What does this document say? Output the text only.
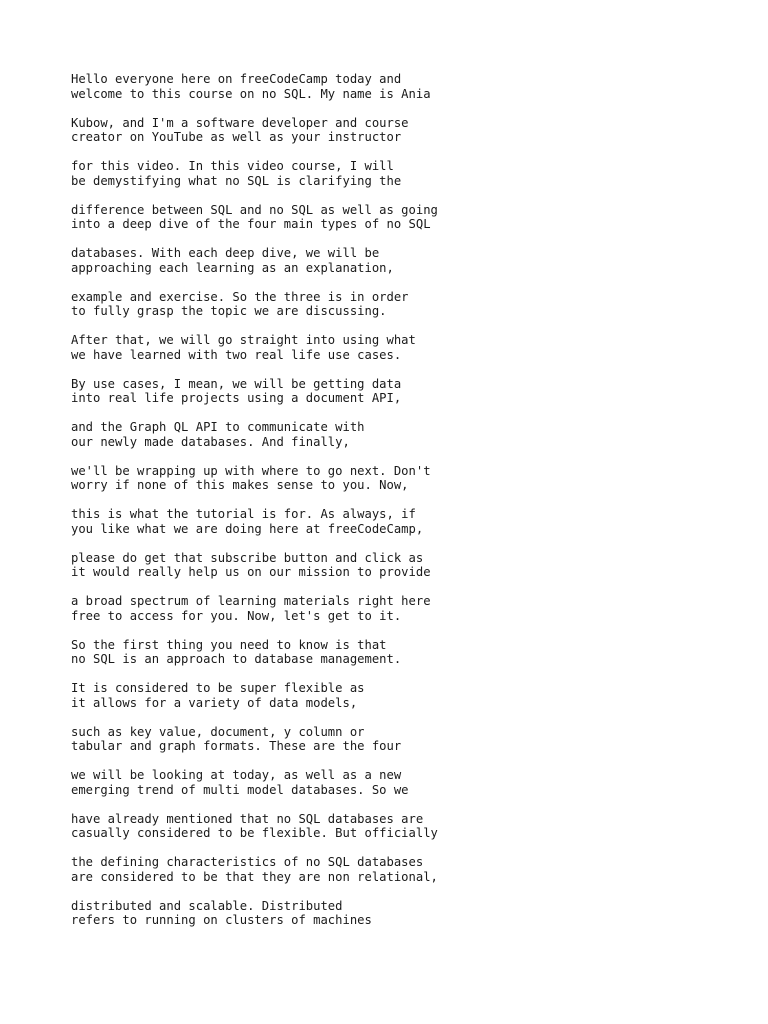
Hello everyone here on freeCodeCamp today and
welcome to this course on no SQL. My name is Ania
Kubow, and I'm a software developer and course
creator on YouTube as well as your instructor
for this video. In this video course, I will
be demystifying what no SQL is clarifying the
difference between SQL and no SQL as well as going
into a deep dive of the four main types of no SQL
databases. With each deep dive, we will be
approaching each learning as an explanation,
example and exercise. So the three is in order
to fully grasp the topic we are discussing.
After that, we will go straight into using what
we have learned with two real life use cases.
By use cases, I mean, we will be getting data
into real life projects using a document API,
and the Graph QL API to communicate with
our newly made databases. And finally,
we'll be wrapping up with where to go next. Don't
worry if none of this makes sense to you. Now,
this is what the tutorial is for. As always, if
you like what we are doing here at freeCodeCamp,
please do get that subscribe button and click as
it would really help us on our mission to provide
a broad spectrum of learning materials right here
free to access for you. Now, let's get to it.
So the first thing you need to know is that
no SQL is an approach to database management.
It is considered to be super flexible as
it allows for a variety of data models,
such as key value, document, y column or
tabular and graph formats. These are the four
we will be looking at today, as well as a new
emerging trend of multi model databases. So we
have already mentioned that no SQL databases are
casually considered to be flexible. But officially
the defining characteristics of no SQL databases
are considered to be that they are non relational,
distributed and scalable. Distributed
refers to running on clusters of machines
